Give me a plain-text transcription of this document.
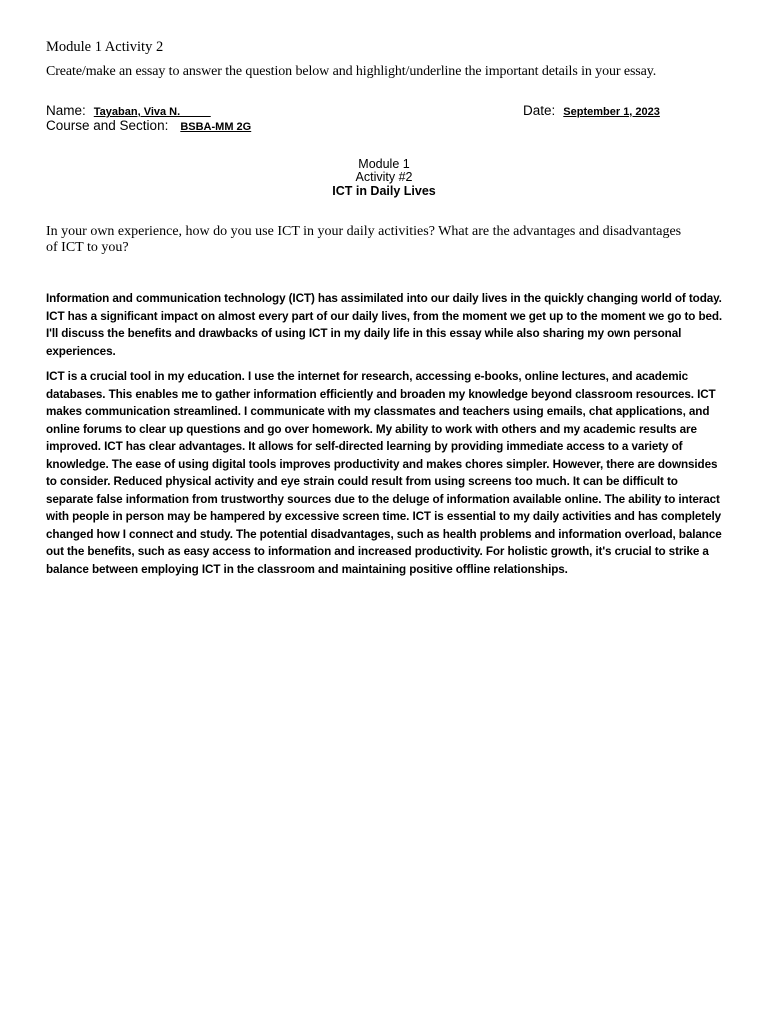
Module 1 Activity 2
Create/make an essay to answer the question below and highlight/underline the important details in your essay.
Name: Tayaban, Viva N.	Date: September 1, 2023
Course and Section: BSBA-MM 2G
Module 1
Activity #2
ICT in Daily Lives
In your own experience, how do you use ICT in your daily activities? What are the advantages and disadvantages of ICT to you?

Information and communication technology (ICT) has assimilated into our daily lives in the quickly changing world of today. ICT has a significant impact on almost every part of our daily lives, from the moment we get up to the moment we go to bed. I'll discuss the benefits and drawbacks of using ICT in my daily life in this essay while also sharing my own personal experiences.

ICT is a crucial tool in my education. I use the internet for research, accessing e-books, online lectures, and academic databases. This enables me to gather information efficiently and broaden my knowledge beyond classroom resources. ICT makes communication streamlined. I communicate with my classmates and teachers using emails, chat applications, and online forums to clear up questions and go over homework. My ability to work with others and my academic results are improved. ICT has clear advantages. It allows for self-directed learning by providing immediate access to a variety of knowledge. The ease of using digital tools improves productivity and makes chores simpler. However, there are downsides to consider. Reduced physical activity and eye strain could result from using screens too much. It can be difficult to separate false information from trustworthy sources due to the deluge of information available online. The ability to interact with people in person may be hampered by excessive screen time. ICT is essential to my daily activities and has completely changed how I connect and study. The potential disadvantages, such as health problems and information overload, balance out the benefits, such as easy access to information and increased productivity. For holistic growth, it's crucial to strike a balance between employing ICT in the classroom and maintaining positive offline relationships.
